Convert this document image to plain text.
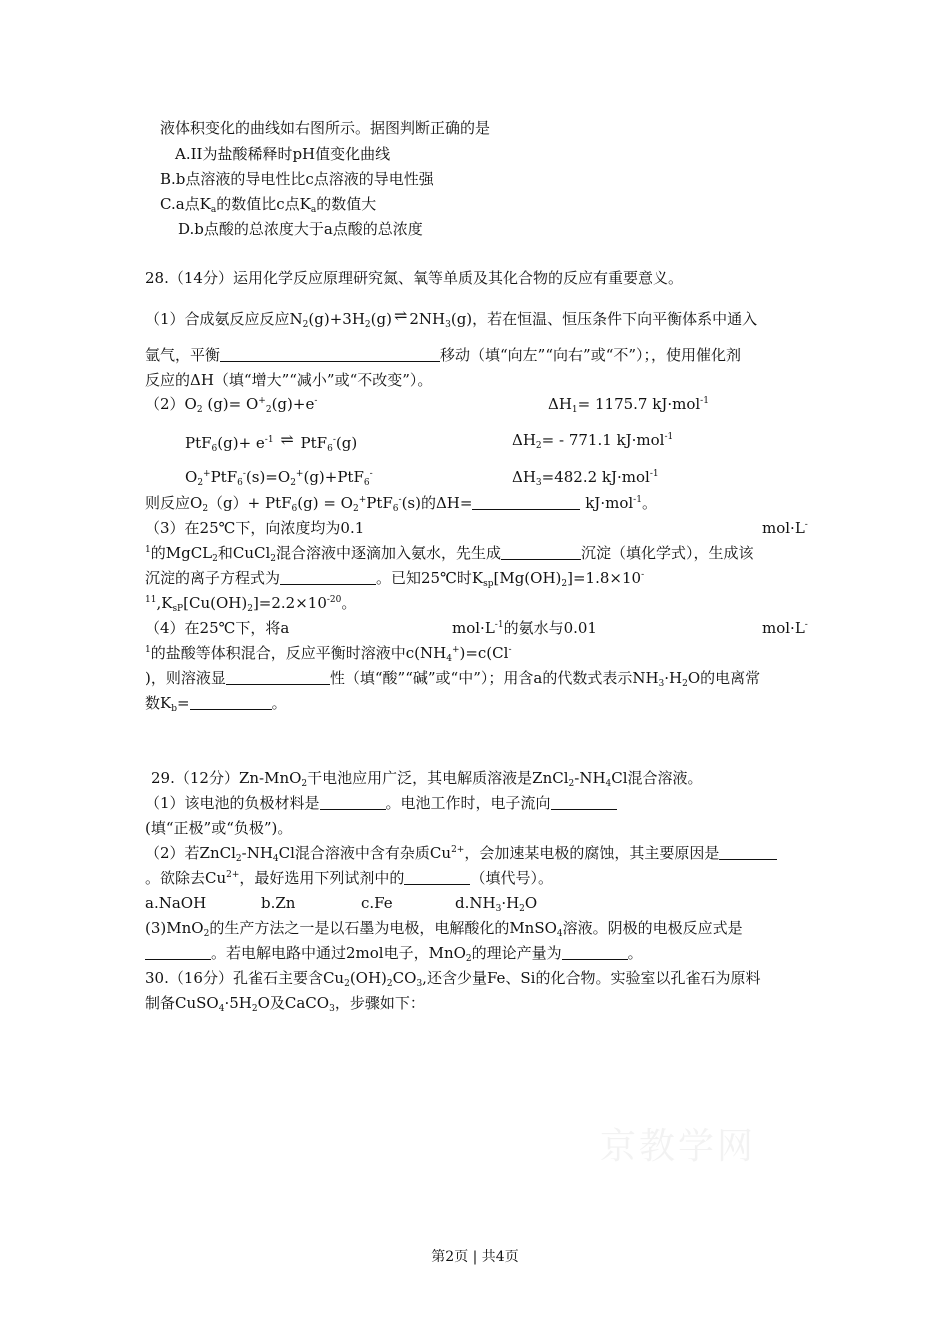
液体积变化的曲线如右图所示。据图判断正确的是
A.II为盐酸稀释时pH值变化曲线
B.b点溶液的导电性比c点溶液的导电性强
C.a点$K_a$的数值比c点$K_a$的数值大
D.b点酸的总浓度大于a点酸的总浓度
28.（14分）运用化学反应原理研究氮、氧等单质及其化合物的反应有重要意义。
（1）合成氨反应反应$N_2(g)+3H_2(g)$ ⇌ $2NH_3(g)$，若在恒温、恒压条件下向平衡体系中通入
氩气，平衡	移动（填“向左”“向右”或“不”）；，使用催化剂
反应的ΔH（填“增大”“减小”或“不改变”）。
$(2)O_2$ $(g)= O^+_2(g)+e^-$	$\Delta H_1= 1175.7$ kJ·mol$^{-1}$
$PtF_6(g)+ e^{-1}$ ⇌ PtF$_6$-(g)	$\Delta H_2= - 771.1$ kJ·mol$^{-1}$
$O_2^+PtF_6^-(s)=O_2^+(g)+PtF_6^-$	$\Delta H_3=482.2$ kJ·mol$^{-1}$
则反应$O_2(g)+ PtF_6(g) = O_2^+PtF_6^-(s)$的ΔH=	kJ·mol$^{-1}$。
（3）在25℃下，向浓度均为0.1	mol·L-
$^1$的MgCL$_2$和CuCl$_2$混合溶液中逐滴加入氨水，先生成	沉淀（填化学式），生成该
沉淀的离子方程式为	。已知25℃时$K_{sp}[Mg(OH)_2]=1.8\times 10^-$
$^{11},K_{sP}[Cu(OH)_2]=2.2\times 10^{-20}$。
（4）在25℃下，将a	$mol\cdot L^{-1}$的氨水与0.01	mol·L-
$^1$的盐酸等体积混合，反应平衡时溶液中$c(NH_4^+)=c(Cl^-$
)，则溶液显	性（填“酸”“碱”或“中”）；用含a的代数式表示$NH_3\cdot H_2O$的电离常
数$K_b=$	。
29.（12分）Zn-MnO$_2$干电池应用广泛，其电解质溶液是$ZnCl_2-NH_4Cl$混合溶液。
（1）该电池的负极材料是	。电池工作时，电子流向
(填“正极”或“负极”)。
（2）若$ZnCl_2-NH_4Cl$混合溶液中含有杂质$Cu^{2+}$，会加速某电极的腐蚀，其主要原因是
。欲除去$Cu^{2+}$，最好选用下列试剂中的	（填代号）。
a.NaOH	b.Zn	c.Fe	$d.NH_3\cdot H_2O$
(3)MnO$_2$的生产方法之一是以石墨为电极，电解酸化的MnSO$_4$溶液。阴极的电极反应式是
。若电解电路中通过2mol电子，MnO$_2$的理论产量为	。
30.（16分）孔雀石主要含$Cu_2(OH)_2CO_3$,还含少量Fe、Si的化合物。实验室以孔雀石为原料
制备$CuSO_4\cdot 5H_2O$及CaCO$_3$，步骤如下：
京教学网
第2页 | 共4页
